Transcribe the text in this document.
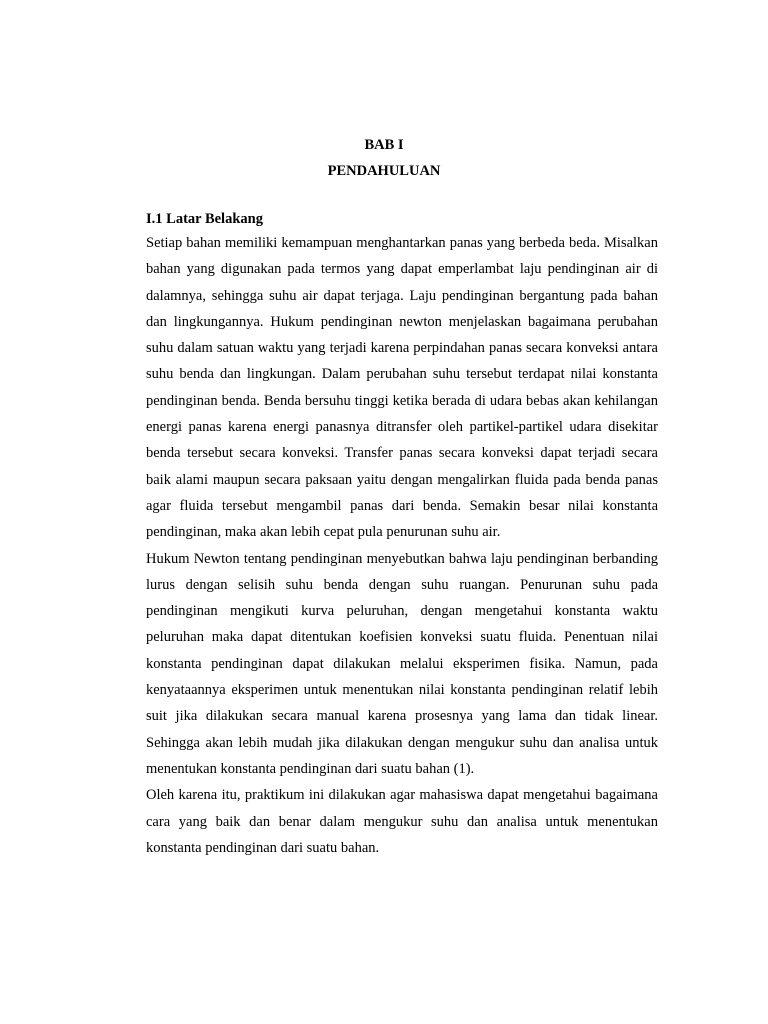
BAB I
PENDAHULUAN
I.1 Latar Belakang

Setiap bahan memiliki kemampuan menghantarkan panas yang berbeda beda. Misalkan bahan yang digunakan pada termos yang dapat emperlambat laju pendinginan air di dalamnya, sehingga suhu air dapat terjaga. Laju pendinginan bergantung pada bahan dan lingkungannya. Hukum pendinginan newton menjelaskan bagaimana perubahan suhu dalam satuan waktu yang terjadi karena perpindahan panas secara konveksi antara suhu benda dan lingkungan. Dalam perubahan suhu tersebut terdapat nilai konstanta pendinginan benda. Benda bersuhu tinggi ketika berada di udara bebas akan kehilangan energi panas karena energi panasnya ditransfer oleh partikel-partikel udara disekitar benda tersebut secara konveksi. Transfer panas secara konveksi dapat terjadi secara baik alami maupun secara paksaan yaitu dengan mengalirkan fluida pada benda panas agar fluida tersebut mengambil panas dari benda. Semakin besar nilai konstanta pendinginan, maka akan lebih cepat pula penurunan suhu air.

Hukum Newton tentang pendinginan menyebutkan bahwa laju pendinginan berbanding lurus dengan selisih suhu benda dengan suhu ruangan. Penurunan suhu pada pendinginan mengikuti kurva peluruhan, dengan mengetahui konstanta waktu peluruhan maka dapat ditentukan koefisien konveksi suatu fluida. Penentuan nilai konstanta pendinginan dapat dilakukan melalui eksperimen fisika. Namun, pada kenyataannya eksperimen untuk menentukan nilai konstanta pendinginan relatif lebih suit jika dilakukan secara manual karena prosesnya yang lama dan tidak linear. Sehingga akan lebih mudah jika dilakukan dengan mengukur suhu dan analisa untuk menentukan konstanta pendinginan dari suatu bahan (1).

Oleh karena itu, praktikum ini dilakukan agar mahasiswa dapat mengetahui bagaimana cara yang baik dan benar dalam mengukur suhu dan analisa untuk menentukan konstanta pendinginan dari suatu bahan.
